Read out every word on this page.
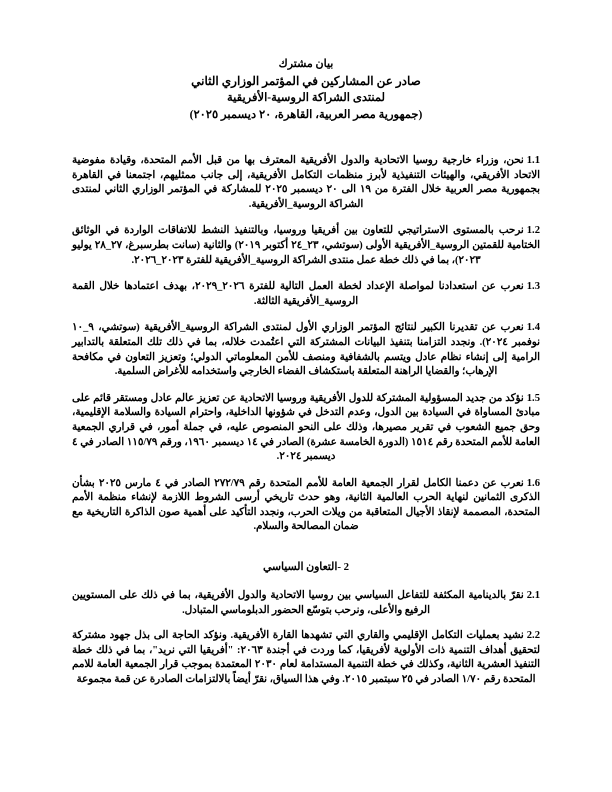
بيان مشترك
صادر عن المشاركين في المؤتمر الوزاري الثاني
لمنتدى الشراكة الروسية-الأفريقية
(جمهورية مصر العربية، القاهرة، ٢٠ ديسمبر ٢٠٢٥)

1.1نحن، وزراء خارجية روسيا الاتحادية والدول الأفريقية المعترف بها من قبل الأمم المتحدة، وقيادة مفوضية الاتحاد الأفريقي، والهيئات التنفيذية لأبرز منظمات التكامل الأفريقية، إلى جانب ممثليهم، اجتمعنا في القاهرة بجمهورية مصر العربية خلال الفترة من ١٩ الى ٢٠ ديسمبر ٢٠٢٥ للمشاركة في المؤتمر الوزاري الثاني لمنتدى الشراكة الروسية_الأفريقية.

1.2نرحب بالمستوى الاستراتيجي للتعاون بين أفريقيا وروسيا، وبالتنفيذ النشط للاتفاقات الواردة في الوثائق الختامية للقمتين الروسية_الأفريقية الأولى (سوتشي، ٢٣_٢٤ أكتوبر ٢٠١٩) والثانية (سانت بطرسبرغ، ٢٧_٢٨ يوليو ٢٠٢٣)، بما في ذلك خطة عمل منتدى الشراكة الروسية_الأفريقية للفترة ٢٠٢٣_٢٠٢٦.

1.3نعرب عن استعدادنا لمواصلة الإعداد لخطة العمل التالية للفترة ٢٠٢٦_٢٠٢٩، بهدف اعتمادها خلال القمة الروسية_الأفريقية الثالثة.

1.4نعرب عن تقديرنا الكبير لنتائج المؤتمر الوزاري الأول لمنتدى الشراكة الروسية_الأفريقية (سوتشي، ٩_١٠ نوفمبر ٢٠٢٤). ونجدد التزامنا بتنفيذ البيانات المشتركة التي اعتُمدت خلاله، بما في ذلك تلك المتعلقة بالتدابير الرامية إلى إنشاء نظام عادل ويتسم بالشفافية ومنصف للأمن المعلوماتي الدولي؛ وتعزيز التعاون في مكافحة الإرهاب؛ والقضايا الراهنة المتعلقة باستكشاف الفضاء الخارجي واستخدامه للأغراض السلمية.

1.5نؤكد من جديد المسؤولية المشتركة للدول الأفريقية وروسيا الاتحادية عن تعزيز عالم عادل ومستقر قائم على مبادئ المساواة في السيادة بين الدول، وعدم التدخل في شؤونها الداخلية، واحترام السيادة والسلامة الإقليمية، وحق جميع الشعوب في تقرير مصيرها، وذلك على النحو المنصوص عليه، في جملة أمور، في قراري الجمعية العامة للأمم المتحدة رقم ١٥١٤ (الدورة الخامسة عشرة) الصادر في ١٤ ديسمبر ١٩٦٠، ورقم ١١٥/٧٩ الصادر في ٤ ديسمبر ٢٠٢٤.

1.6نعرب عن دعمنا الكامل لقرار الجمعية العامة للأمم المتحدة رقم ٢٧٢/٧٩ الصادر في ٤ مارس ٢٠٢٥ بشأن الذكرى الثمانين لنهاية الحرب العالمية الثانية، وهو حدث تاريخي أرسى الشروط اللازمة لإنشاء منظمة الأمم المتحدة، المصممة لإنقاذ الأجيال المتعاقبة من ويلات الحرب، ونجدد التأكيد على أهمية صون الذاكرة التاريخية مع ضمان المصالحة والسلام.

2 -التعاون السياسي

2.1نقرّ بالدينامية المكثفة للتفاعل السياسي بين روسيا الاتحادية والدول الأفريقية، بما في ذلك على المستويين الرفيع والأعلى، ونرحب بتوسّع الحضور الدبلوماسي المتبادل.

2.2نشيد بعمليات التكامل الإقليمي والقاري التي تشهدها القارة الأفريقية. ونؤكد الحاجة الى بذل جهود مشتركة لتحقيق أهداف التنمية ذات الأولوية لأفريقيا، كما وردت في أجندة ٢٠٦٣: "أفريقيا التي نريد"، بما في ذلك خطة التنفيذ العشرية الثانية، وكذلك في خطة التنمية المستدامة لعام ٢٠٣٠ المعتمدة بموجب قرار الجمعية العامة للامم المتحدة رقم ١/٧٠ الصادر في ٢٥ سبتمبر ٢٠١٥. وفي هذا السياق، نقرّ أيضاً بالالتزامات الصادرة عن قمة مجموعة
